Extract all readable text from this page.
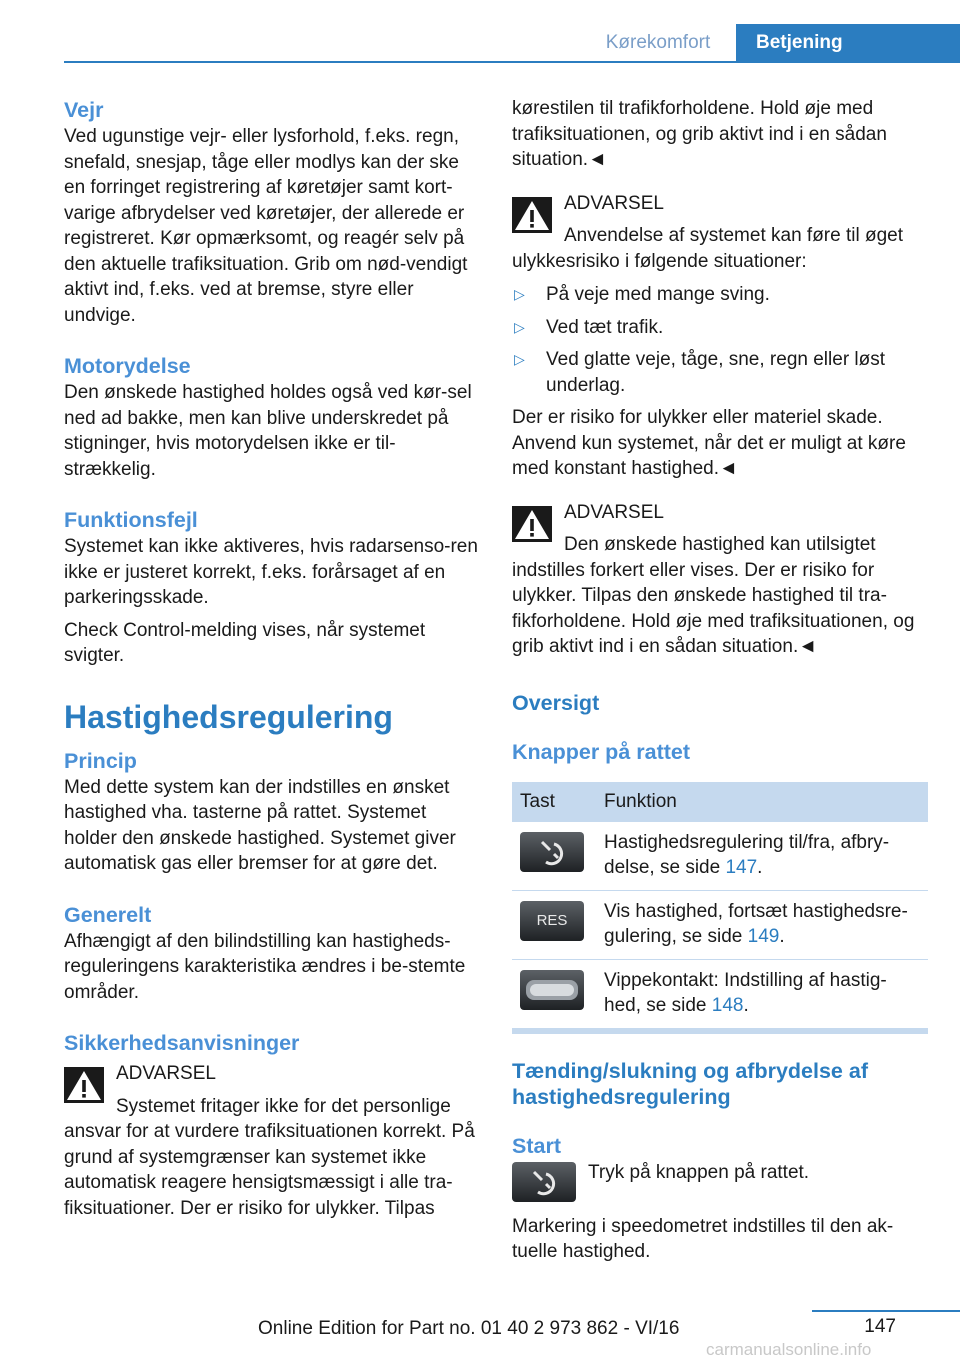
Kørekomfort	Betjening
Vejr

Ved ugunstige vejr- eller lysforhold, f.eks. regn, snefald, snesjap, tåge eller modlys kan der ske en forringet registrering af køretøjer samt kort-varige afbrydelser ved køretøjer, der allerede er registreret. Kør opmærksomt, og reagér selv på den aktuelle trafiksituation. Grib om nød-vendigt aktivt ind, f.eks. ved at bremse, styre eller undvige.

Motorydelse

Den ønskede hastighed holdes også ved kør-sel ned ad bakke, men kan blive underskredet på stigninger, hvis motorydelsen ikke er til-strækkelig.

Funktionsfejl

Systemet kan ikke aktiveres, hvis radarsenso-ren ikke er justeret korrekt, f.eks. forårsaget af en parkeringsskade.

Check Control-melding vises, når systemet svigter.

Hastighedsregulering
Princip

Med dette system kan der indstilles en ønsket hastighed vha. tasterne på rattet. Systemet holder den ønskede hastighed. Systemet giver automatisk gas eller bremser for at gøre det.

Generelt

Afhængigt af den bilindstilling kan hastigheds-reguleringens karakteristika ændres i be-stemte områder.

Sikkerhedsanvisninger

ADVARSEL

Systemet fritager ikke for det personlige

ansvar for at vurdere trafiksituationen korrekt. På grund af systemgrænser kan systemet ikke automatisk reagere hensigtsmæssigt i alle tra-fiksituationer. Der er risiko for ulykker. Tilpas

kørestilen til trafikforholdene. Hold øje med trafiksituationen, og grib aktivt ind i en sådan situation.◄

ADVARSEL

Anvendelse af systemet kan føre til øget

ulykkesrisiko i følgende situationer:

▷ På veje med mange sving.
▷ Ved tæt trafik.
▷ Ved glatte veje, tåge, sne, regn eller løst underlag.

Der er risiko for ulykker eller materiel skade. Anvend kun systemet, når det er muligt at køre med konstant hastighed.◄

ADVARSEL

Den ønskede hastighed kan utilsigtet

indstilles forkert eller vises. Der er risiko for ulykker. Tilpas den ønskede hastighed til tra-fikforholdene. Hold øje med trafiksituationen, og grib aktivt ind i en sådan situation.◄

Oversigt
Knapper på rattet
Tast	Funktion

	Hastighedsregulering til/fra, afbry-delse, se side 147.

RES	Vis hastighed, fortsæt hastighedsre-gulering, se side 149.

	Vippekontakt: Indstilling af hastig-hed, se side 148.
Tænding/slukning og afbrydelse af hastighedsregulering
Start

Tryk på knappen på rattet.

Markering i speedometret indstilles til den ak-tuelle hastighed.

147
Online Edition for Part no. 01 40 2 973 862 - VI/16
carmanualsonline.info
